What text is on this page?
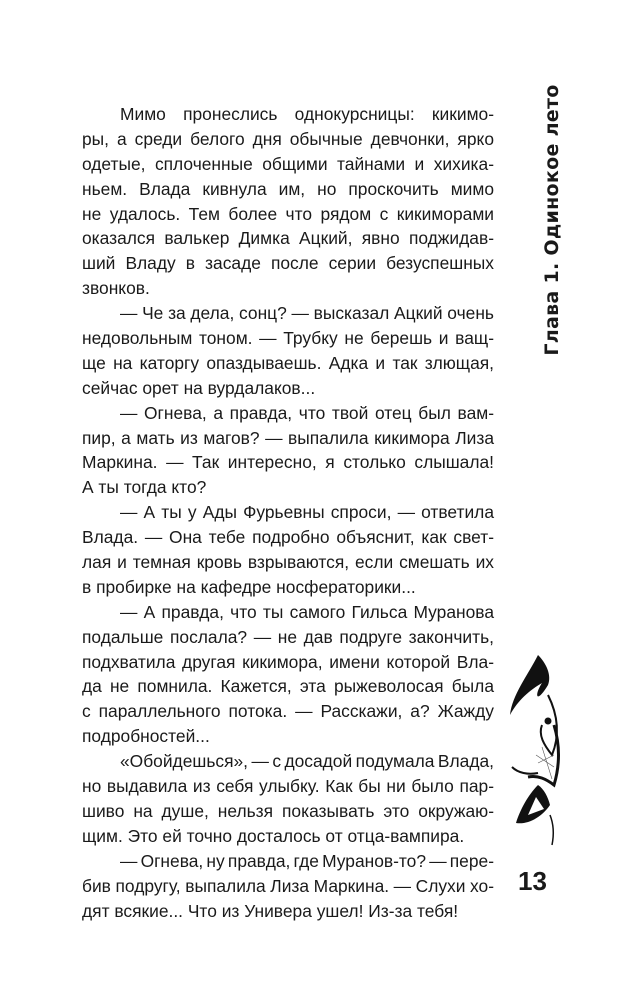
Мимо пронеслись однокурсницы: кикимо-
ры, а среди белого дня обычные девчонки, ярко
одетые, сплоченные общими тайнами и хихика-
ньем. Влада кивнула им, но проскочить мимо
не удалось. Тем более что рядом с кикиморами
оказался валькер Димка Ацкий, явно поджидав-
ший Владу в засаде после серии безуспешных
звонков.
— Че за дела, сонц? — высказал Ацкий очень
недовольным тоном. — Трубку не берешь и ващ-
ще на каторгу опаздываешь. Адка и так злющая,
сейчас орет на вурдалаков...
— Огнева, а правда, что твой отец был вам-
пир, а мать из магов? — выпалила кикимора Лиза
Маркина. — Так интересно, я столько слышала!
А ты тогда кто?
— А ты у Ады Фурьевны спроси, — ответила
Влада. — Она тебе подробно объяснит, как свет-
лая и темная кровь взрываются, если смешать их
в пробирке на кафедре носфераторики...
— А правда, что ты самого Гильса Муранова
подальше послала? — не дав подруге закончить,
подхватила другая кикимора, имени которой Вла-
да не помнила. Кажется, эта рыжеволосая была
с параллельного потока. — Расскажи, а? Жажду
подробностей...
«Обойдешься», — с досадой подумала Влада,
но выдавила из себя улыбку. Как бы ни было пар-
шиво на душе, нельзя показывать это окружаю-
щим. Это ей точно досталось от отца-вампира.
— Огнева, ну правда, где Муранов-то? — пере-
бив подругу, выпалила Лиза Маркина. — Слухи хо-
дят всякие... Что из Универа ушел! Из-за тебя!
Глава 1. Одинокое лето
13
